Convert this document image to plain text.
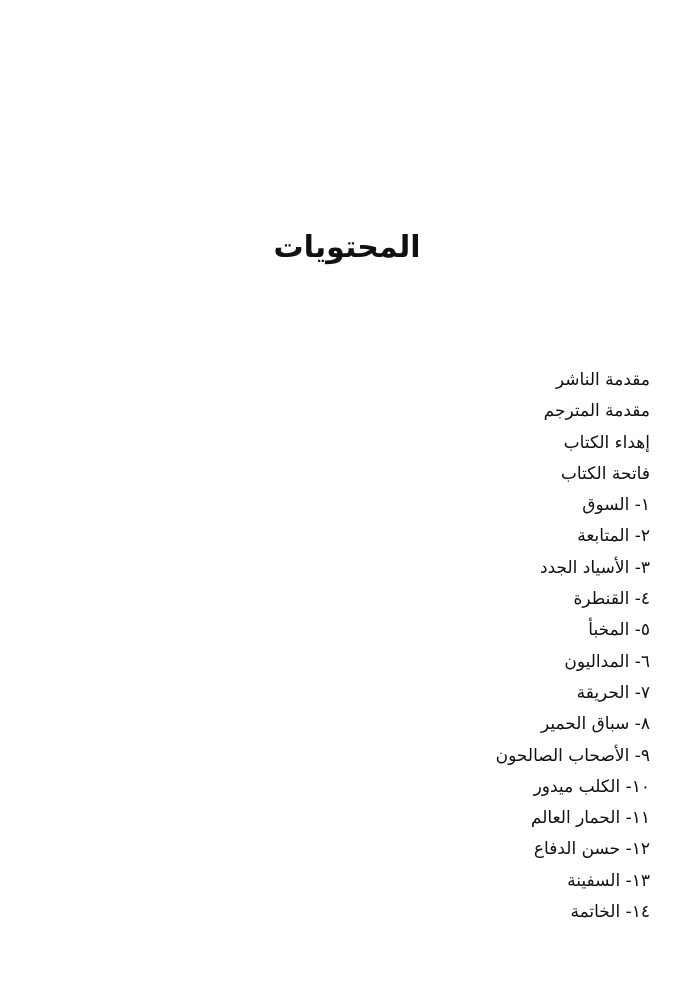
المحتويات
مقدمة الناشر
مقدمة المترجم
إهداء الكتاب
فاتحة الكتاب
١- السوق
٢- المتابعة
٣- الأسياد الجدد
٤- القنطرة
٥- المخبأ
٦- المداليون
٧- الحريقة
٨- سباق الحمير
٩- الأصحاب الصالحون
١٠- الكلب ميدور
١١- الحمار العالم
١٢- حسن الدفاع
١٣- السفينة
١٤- الخاتمة
